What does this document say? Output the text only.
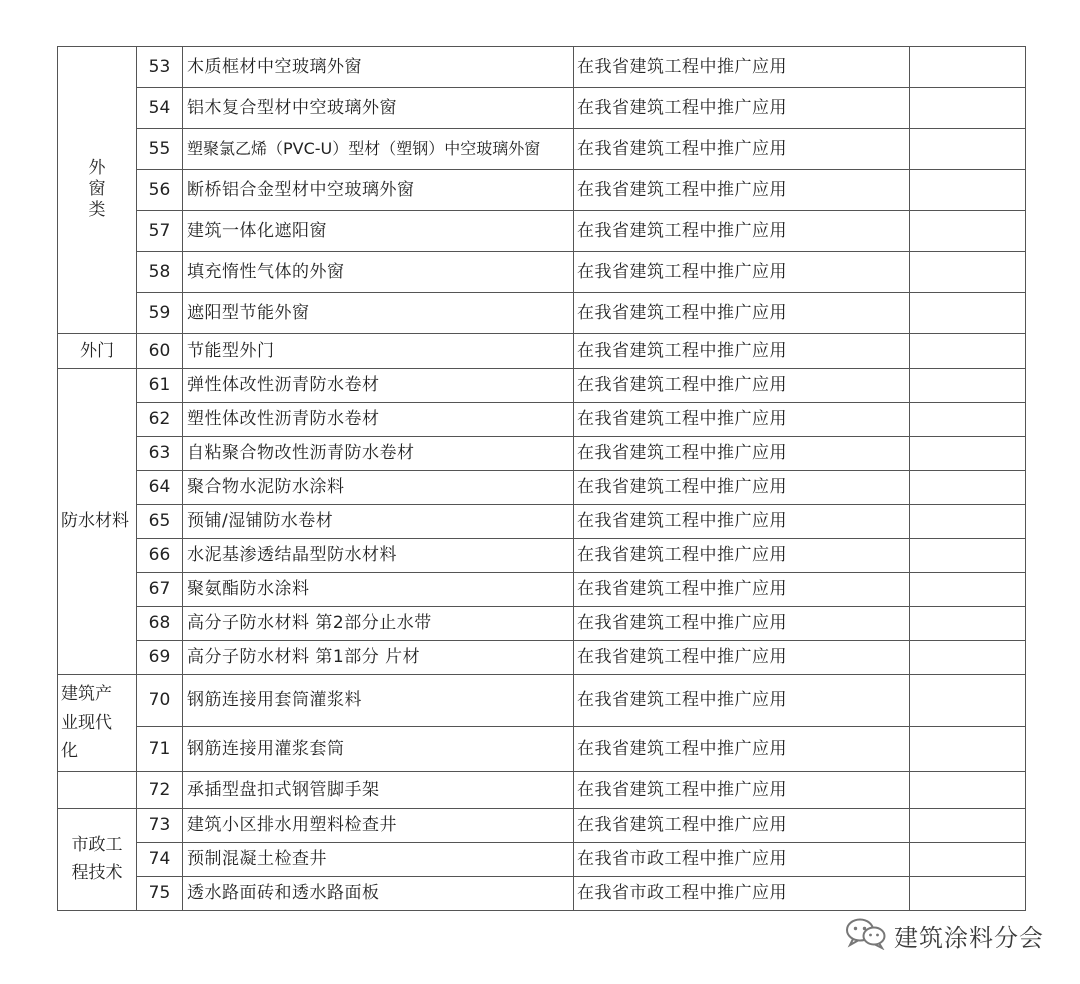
外窗类	53	木质框材中空玻璃外窗	在我省建筑工程中推广应用	
	54	铝木复合型材中空玻璃外窗	在我省建筑工程中推广应用	
	55	塑聚氯乙烯（PVC-U）型材（塑钢）中空玻璃外窗	在我省建筑工程中推广应用	
	56	断桥铝合金型材中空玻璃外窗	在我省建筑工程中推广应用	
	57	建筑一体化遮阳窗	在我省建筑工程中推广应用	
	58	填充惰性气体的外窗	在我省建筑工程中推广应用	
	59	遮阳型节能外窗	在我省建筑工程中推广应用	
外门	60	节能型外门	在我省建筑工程中推广应用	
防水材料	61	弹性体改性沥青防水卷材	在我省建筑工程中推广应用	
	62	塑性体改性沥青防水卷材	在我省建筑工程中推广应用	
	63	自粘聚合物改性沥青防水卷材	在我省建筑工程中推广应用	
	64	聚合物水泥防水涂料	在我省建筑工程中推广应用	
	65	预铺/湿铺防水卷材	在我省建筑工程中推广应用	
	66	水泥基渗透结晶型防水材料	在我省建筑工程中推广应用	
	67	聚氨酯防水涂料	在我省建筑工程中推广应用	
	68	高分子防水材料 第2部分止水带	在我省建筑工程中推广应用	
	69	高分子防水材料 第1部分 片材	在我省建筑工程中推广应用	
建筑产业现代化	70	钢筋连接用套筒灌浆料	在我省建筑工程中推广应用	
	71	钢筋连接用灌浆套筒	在我省建筑工程中推广应用	
	72	承插型盘扣式钢管脚手架	在我省建筑工程中推广应用	
市政工程技术	73	建筑小区排水用塑料检查井	在我省建筑工程中推广应用	
	74	预制混凝土检查井	在我省市政工程中推广应用	
	75	透水路面砖和透水路面板	在我省市政工程中推广应用	
建筑涂料分会
